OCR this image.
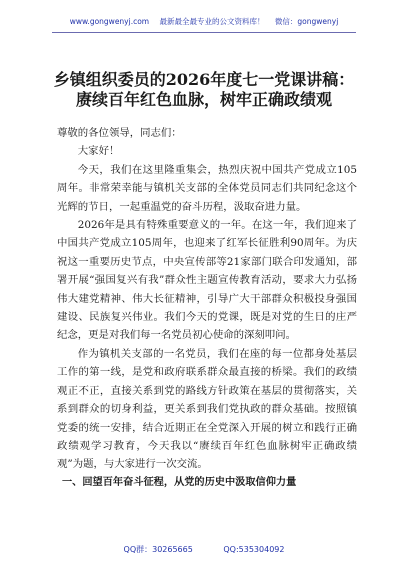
www.gongwenyj.com 最新最全最专业的公文资料库！ 微信：gongwenyj
乡镇组织委员的2026年度七一党课讲稿：
赓续百年红色血脉，树牢正确政绩观

尊敬的各位领导，同志们：

大家好！

今天，我们在这里隆重集会，热烈庆祝中国共产党成立105周年。非常荣幸能与镇机关支部的全体党员同志们共同纪念这个光辉的节日，一起重温党的奋斗历程，汲取奋进力量。

2026年是具有特殊重要意义的一年。在这一年，我们迎来了中国共产党成立105周年，也迎来了红军长征胜利90周年。为庆祝这一重要历史节点，中央宣传部等21家部门联合印发通知，部署开展“强国复兴有我”群众性主题宣传教育活动，要求大力弘扬伟大建党精神、伟大长征精神，引导广大干部群众积极投身强国建设、民族复兴伟业。我们今天的党课，既是对党的生日的庄严纪念，更是对我们每一名党员初心使命的深刻叩问。

作为镇机关支部的一名党员，我们在座的每一位都身处基层工作的第一线，是党和政府联系群众最直接的桥梁。我们的政绩观正不正，直接关系到党的路线方针政策在基层的贯彻落实，关系到群众的切身利益，更关系到我们党执政的群众基础。按照镇党委的统一安排，结合近期正在全党深入开展的树立和践行正确政绩观学习教育，今天我以“赓续百年红色血脉树牢正确政绩观”为题，与大家进行一次交流。

一、回望百年奋斗征程，从党的历史中汲取信仰力量

QQ群：30265665	QQ:535304092
